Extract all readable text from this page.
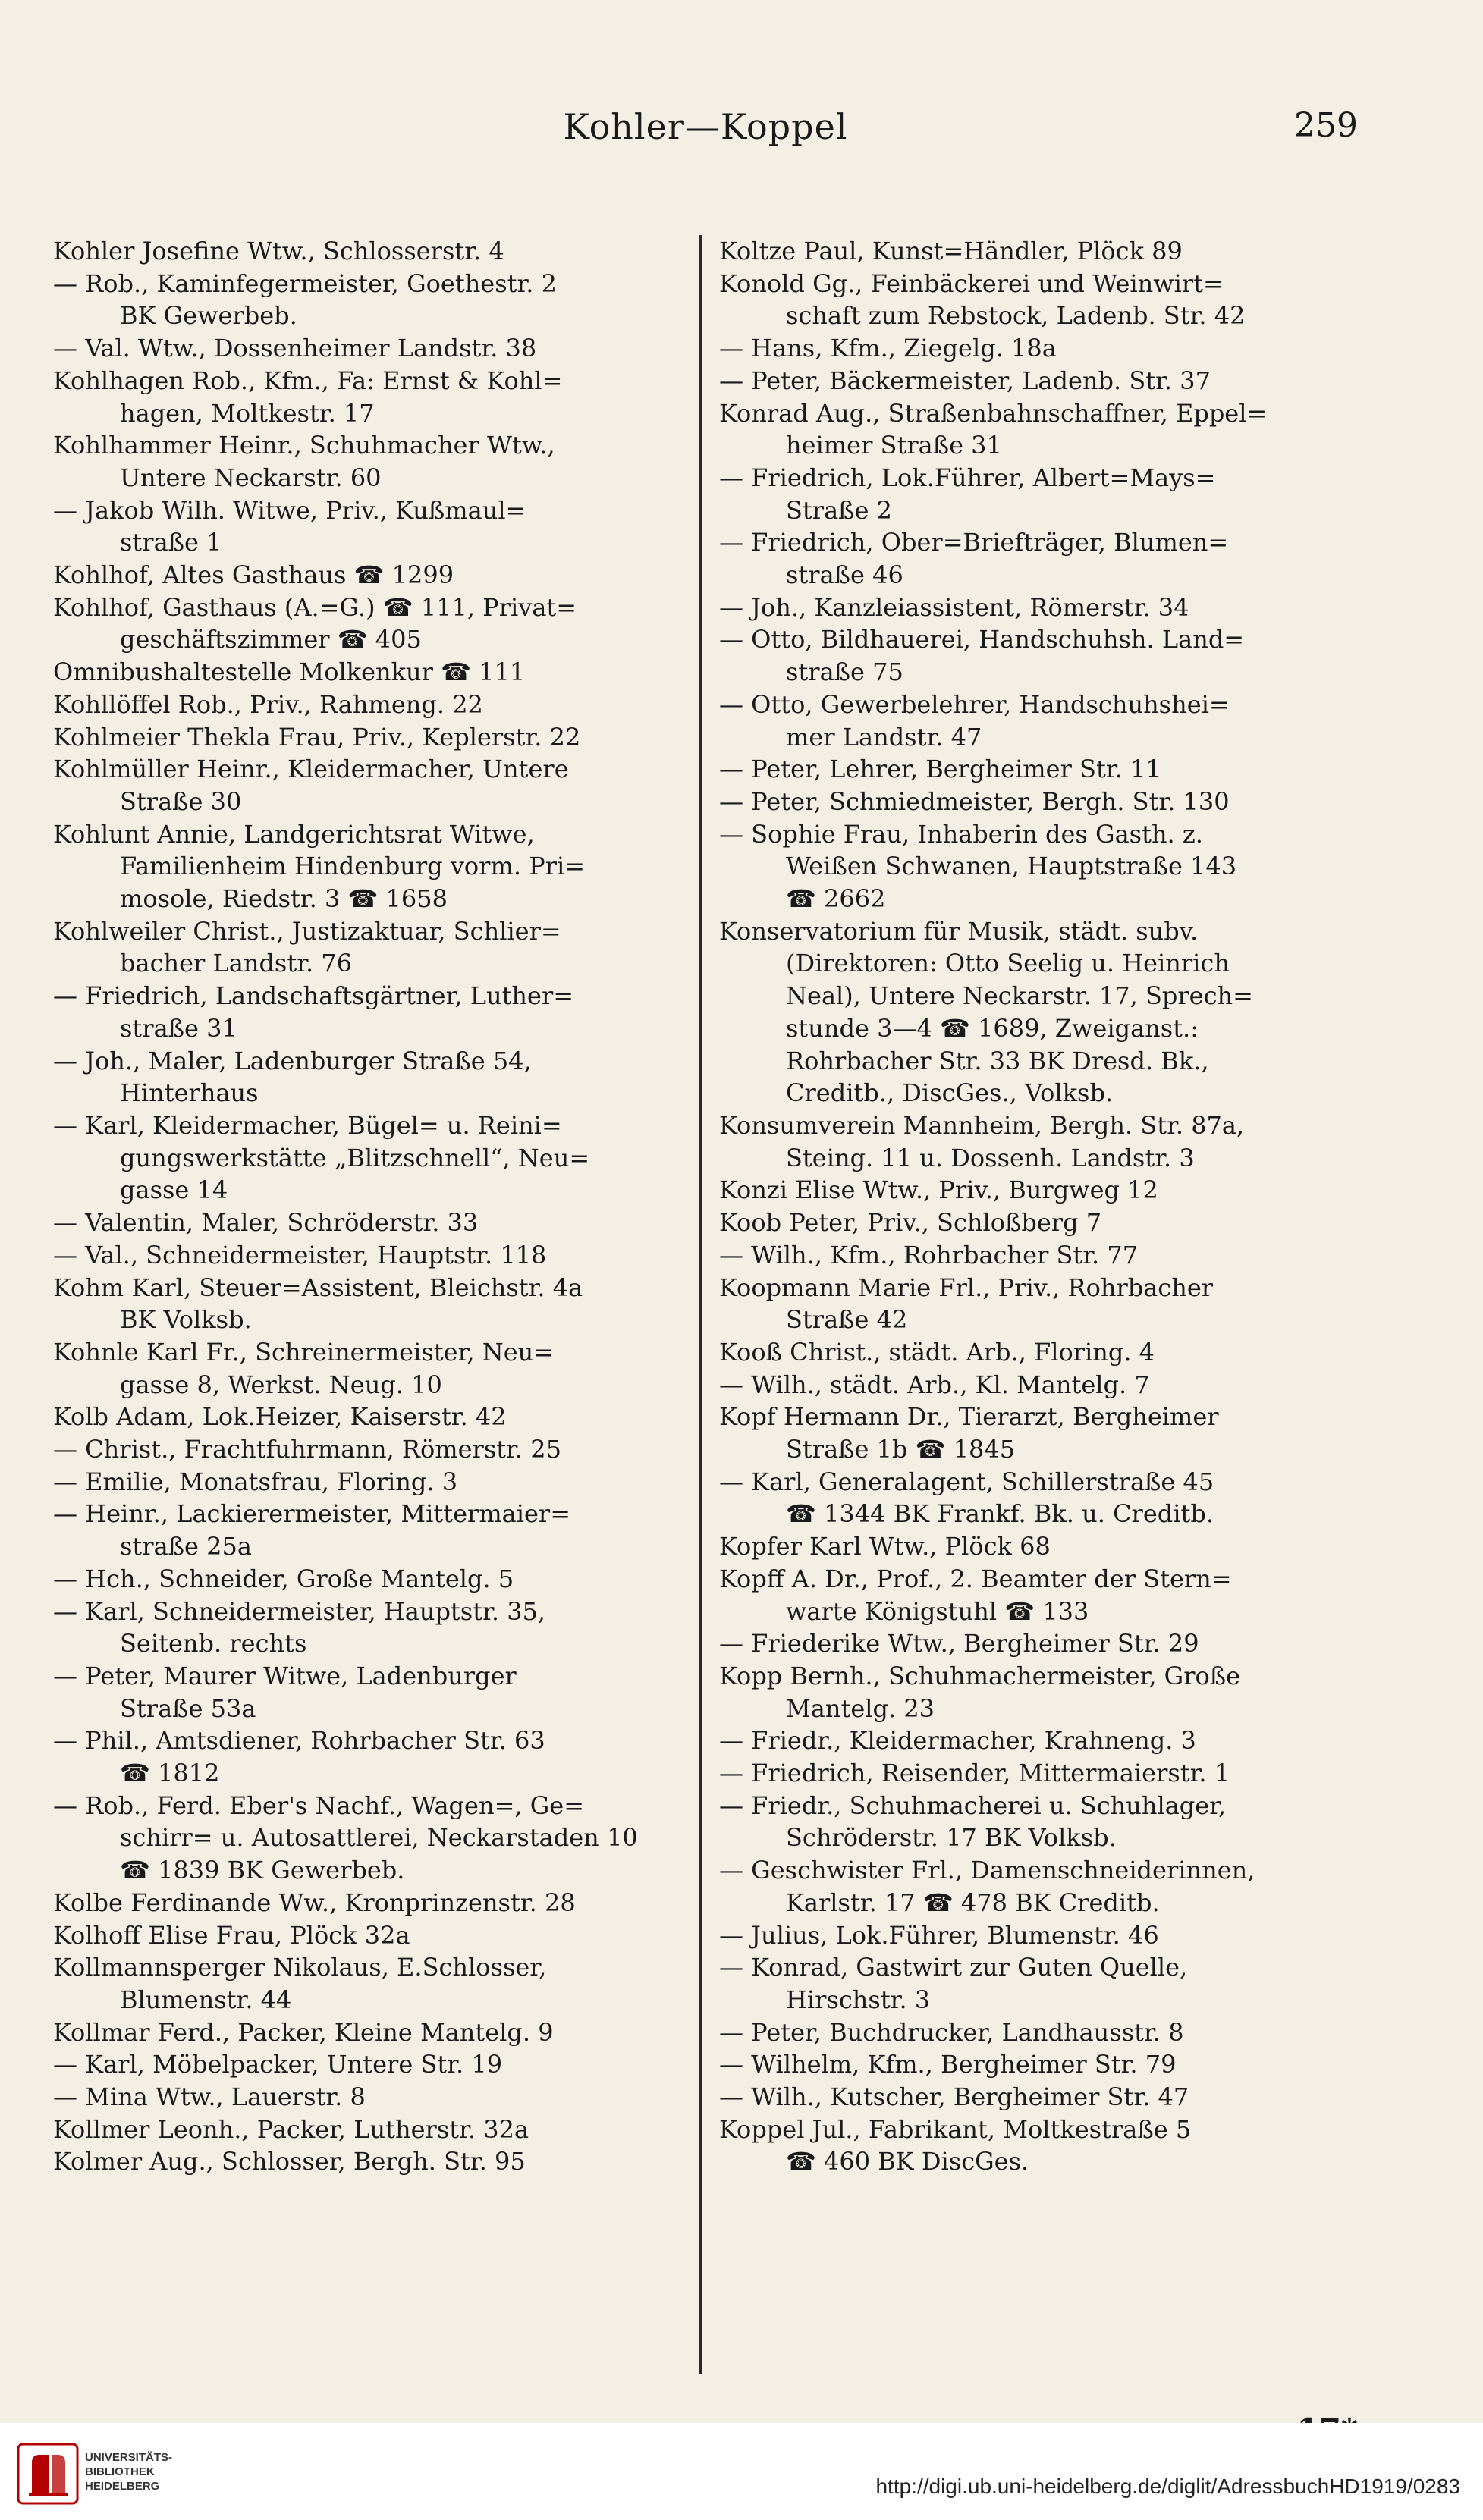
Kohler—Koppel	259

Kohler Josefine Wtw., Schlosserstr. 4

— Rob., Kaminfegermeister, Goethestr. 2
BK Gewerbeb.

— Val. Wtw., Dossenheimer Landstr. 38

Kohlhagen Rob., Kfm., Fa: Ernst & Kohl=
hagen, Moltkestr. 17

Kohlhammer Heinr., Schuhmacher Wtw.,
Untere Neckarstr. 60

— Jakob Wilh. Witwe, Priv., Kußmaul=
straße 1

Kohlhof, Altes Gasthaus ☎ 1299

Kohlhof, Gasthaus (A.=G.) ☎ 111, Privat=
geschäftszimmer ☎ 405

Omnibushaltestelle Molkenkur ☎ 111

Kohllöffel Rob., Priv., Rahmeng. 22

Kohlmeier Thekla Frau, Priv., Keplerstr. 22

Kohlmüller Heinr., Kleidermacher, Untere
Straße 30

Kohlunt Annie, Landgerichtsrat Witwe,
Familienheim Hindenburg vorm. Pri=
mosole, Riedstr. 3 ☎ 1658

Kohlweiler Christ., Justizaktuar, Schlier=
bacher Landstr. 76

— Friedrich, Landschaftsgärtner, Luther=
straße 31

— Joh., Maler, Ladenburger Straße 54,
Hinterhaus

— Karl, Kleidermacher, Bügel= u. Reini=
gungswerkstätte „Blitzschnell“, Neu=
gasse 14

— Valentin, Maler, Schröderstr. 33

— Val., Schneidermeister, Hauptstr. 118

Kohm Karl, Steuer=Assistent, Bleichstr. 4a
BK Volksb.

Kohnle Karl Fr., Schreinermeister, Neu=
gasse 8, Werkst. Neug. 10

Kolb Adam, Lok.Heizer, Kaiserstr. 42

— Christ., Frachtfuhrmann, Römerstr. 25

— Emilie, Monatsfrau, Floring. 3

— Heinr., Lackierermeister, Mittermaier=
straße 25a

— Hch., Schneider, Große Mantelg. 5

— Karl, Schneidermeister, Hauptstr. 35,
Seitenb. rechts

— Peter, Maurer Witwe, Ladenburger
Straße 53a

— Phil., Amtsdiener, Rohrbacher Str. 63
☎ 1812

— Rob., Ferd. Eber's Nachf., Wagen=, Ge=
schirr= u. Autosattlerei, Neckarstaden 10
☎ 1839 BK Gewerbeb.

Kolbe Ferdinande Ww., Kronprinzenstr. 28

Kolhoff Elise Frau, Plöck 32a

Kollmannsperger Nikolaus, E.Schlosser,
Blumenstr. 44

Kollmar Ferd., Packer, Kleine Mantelg. 9

— Karl, Möbelpacker, Untere Str. 19

— Mina Wtw., Lauerstr. 8

Kollmer Leonh., Packer, Lutherstr. 32a

Kolmer Aug., Schlosser, Bergh. Str. 95

Koltze Paul, Kunst=Händler, Plöck 89

Konold Gg., Feinbäckerei und Weinwirt=
schaft zum Rebstock, Ladenb. Str. 42

— Hans, Kfm., Ziegelg. 18a

— Peter, Bäckermeister, Ladenb. Str. 37

Konrad Aug., Straßenbahnschaffner, Eppel=
heimer Straße 31

— Friedrich, Lok.Führer, Albert=Mays=
Straße 2

— Friedrich, Ober=Briefträger, Blumen=
straße 46

— Joh., Kanzleiassistent, Römerstr. 34

— Otto, Bildhauerei, Handschuhsh. Land=
straße 75

— Otto, Gewerbelehrer, Handschuhshei=
mer Landstr. 47

— Peter, Lehrer, Bergheimer Str. 11

— Peter, Schmiedmeister, Bergh. Str. 130

— Sophie Frau, Inhaberin des Gasth. z.
Weißen Schwanen, Hauptstraße 143
☎ 2662

Konservatorium für Musik, städt. subv.
(Direktoren: Otto Seelig u. Heinrich
Neal), Untere Neckarstr. 17, Sprech=
stunde 3—4 ☎ 1689, Zweiganst.:
Rohrbacher Str. 33 BK Dresd. Bk.,
Creditb., DiscGes., Volksb.

Konsumverein Mannheim, Bergh. Str. 87a,
Steing. 11 u. Dossenh. Landstr. 3

Konzi Elise Wtw., Priv., Burgweg 12

Koob Peter, Priv., Schloßberg 7

— Wilh., Kfm., Rohrbacher Str. 77

Koopmann Marie Frl., Priv., Rohrbacher
Straße 42

Kooß Christ., städt. Arb., Floring. 4

— Wilh., städt. Arb., Kl. Mantelg. 7

Kopf Hermann Dr., Tierarzt, Bergheimer
Straße 1b ☎ 1845

— Karl, Generalagent, Schillerstraße 45
☎ 1344 BK Frankf. Bk. u. Creditb.

Kopfer Karl Wtw., Plöck 68

Kopff A. Dr., Prof., 2. Beamter der Stern=
warte Königstuhl ☎ 133

— Friederike Wtw., Bergheimer Str. 29

Kopp Bernh., Schuhmachermeister, Große
Mantelg. 23

— Friedr., Kleidermacher, Krahneng. 3

— Friedrich, Reisender, Mittermaierstr. 1

— Friedr., Schuhmacherei u. Schuhlager,
Schröderstr. 17 BK Volksb.

— Geschwister Frl., Damenschneiderinnen,
Karlstr. 17 ☎ 478 BK Creditb.

— Julius, Lok.Führer, Blumenstr. 46

— Konrad, Gastwirt zur Guten Quelle,
Hirschstr. 3

— Peter, Buchdrucker, Landhausstr. 8

— Wilhelm, Kfm., Bergheimer Str. 79

— Wilh., Kutscher, Bergheimer Str. 47

Koppel Jul., Fabrikant, Moltkestraße 5
☎ 460 BK DiscGes.

UNIVERSITÄTS-
BIBLIOTHEK
HEIDELBERG	http://digi.ub.uni-heidelberg.de/diglit/AdressbuchHD1919/0283
